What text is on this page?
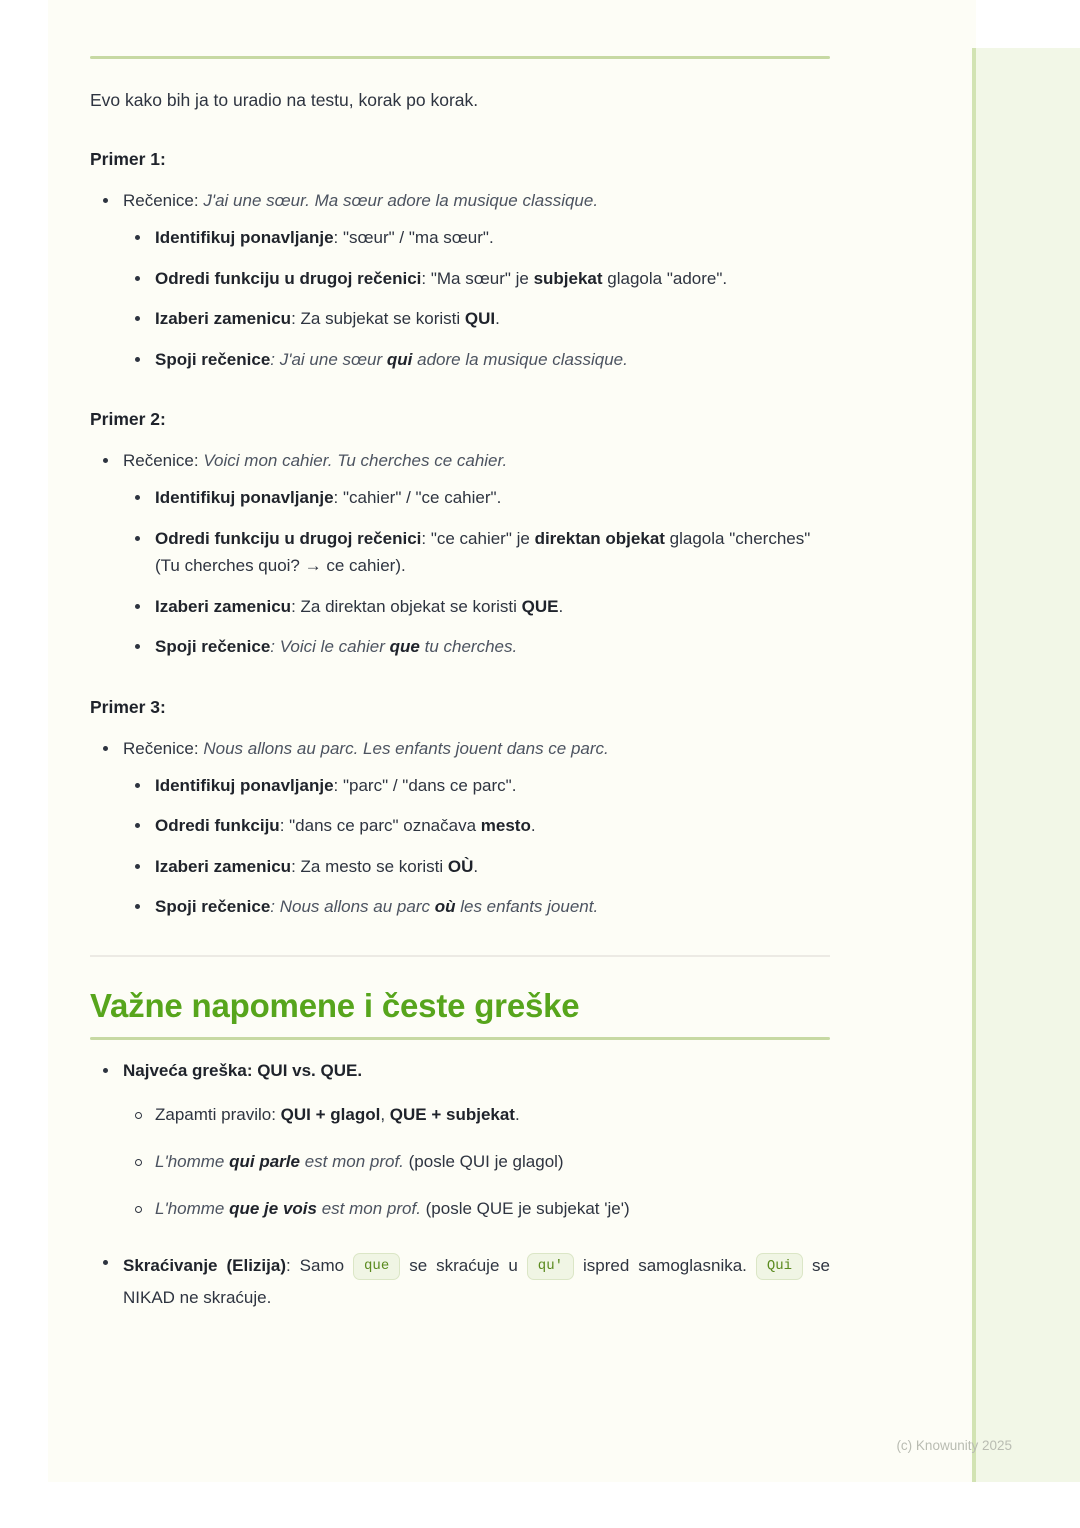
Evo kako bih ja to uradio na testu, korak po korak.

Primer 1:
Rečenice: J'ai une sœur. Ma sœur adore la musique classique.
Identifikuj ponavljanje: "sœur" / "ma sœur".
Odredi funkciju u drugoj rečenici: "Ma sœur" je subjekat glagola "adore".
Izaberi zamenicu: Za subjekat se koristi QUI.
Spoji rečenice: J'ai une sœur qui adore la musique classique.
Primer 2:
Rečenice: Voici mon cahier. Tu cherches ce cahier.
Identifikuj ponavljanje: "cahier" / "ce cahier".
Odredi funkciju u drugoj rečenici: "ce cahier" je direktan objekat glagola "cherches" (Tu cherches quoi? → ce cahier).
Izaberi zamenicu: Za direktan objekat se koristi QUE.
Spoji rečenice: Voici le cahier que tu cherches.
Primer 3:
Rečenice: Nous allons au parc. Les enfants jouent dans ce parc.
Identifikuj ponavljanje: "parc" / "dans ce parc".
Odredi funkciju: "dans ce parc" označava mesto.
Izaberi zamenicu: Za mesto se koristi OÙ.
Spoji rečenice: Nous allons au parc où les enfants jouent.
Važne napomene i česte greške
Najveća greška: QUI vs. QUE.
Zapamti pravilo: QUI + glagol, QUE + subjekat.
L'homme qui parle est mon prof. (posle QUI je glagol)
L'homme que je vois est mon prof. (posle QUE je subjekat 'je')
Skraćivanje (Elizija): Samo que se skraćuje u qu' ispred samoglasnika. Qui se NIKAD ne skraćuje.
(c) Knowunity 2025
